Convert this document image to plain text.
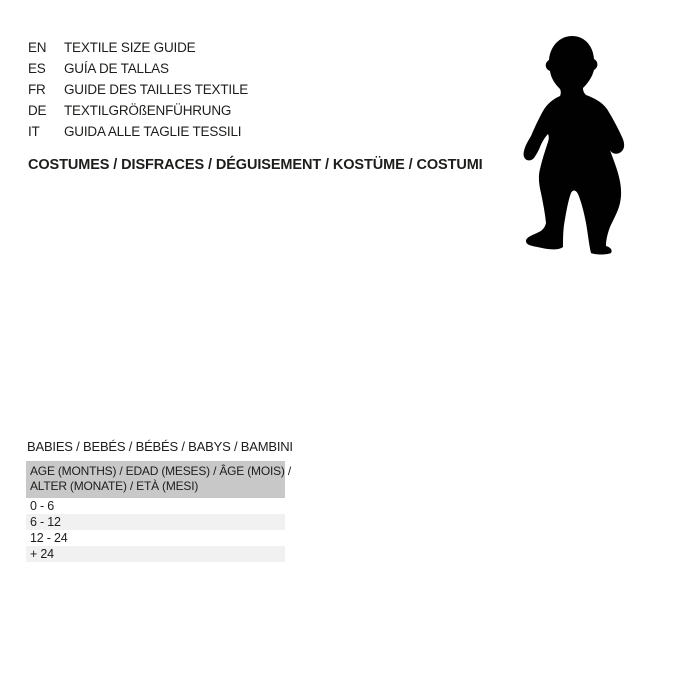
EN	TEXTILE SIZE GUIDE
ES	GUÍA DE TALLAS
FR	GUIDE DES TAILLES TEXTILE
DE	TEXTILGRÖßENFÜHRUNG
IT	GUIDA ALLE TAGLIE TESSILI
COSTUMES / DISFRACES / DÉGUISEMENT / KOSTÜME / COSTUMI
BABIES / BEBÉS / BÉBÉS / BABYS / BAMBINI
AGE (MONTHS) / EDAD (MESES) / ÂGE (MOIS) /
ALTER (MONATE) / ETÀ (MESI)
0 - 6
6 - 12
12 - 24
+ 24
